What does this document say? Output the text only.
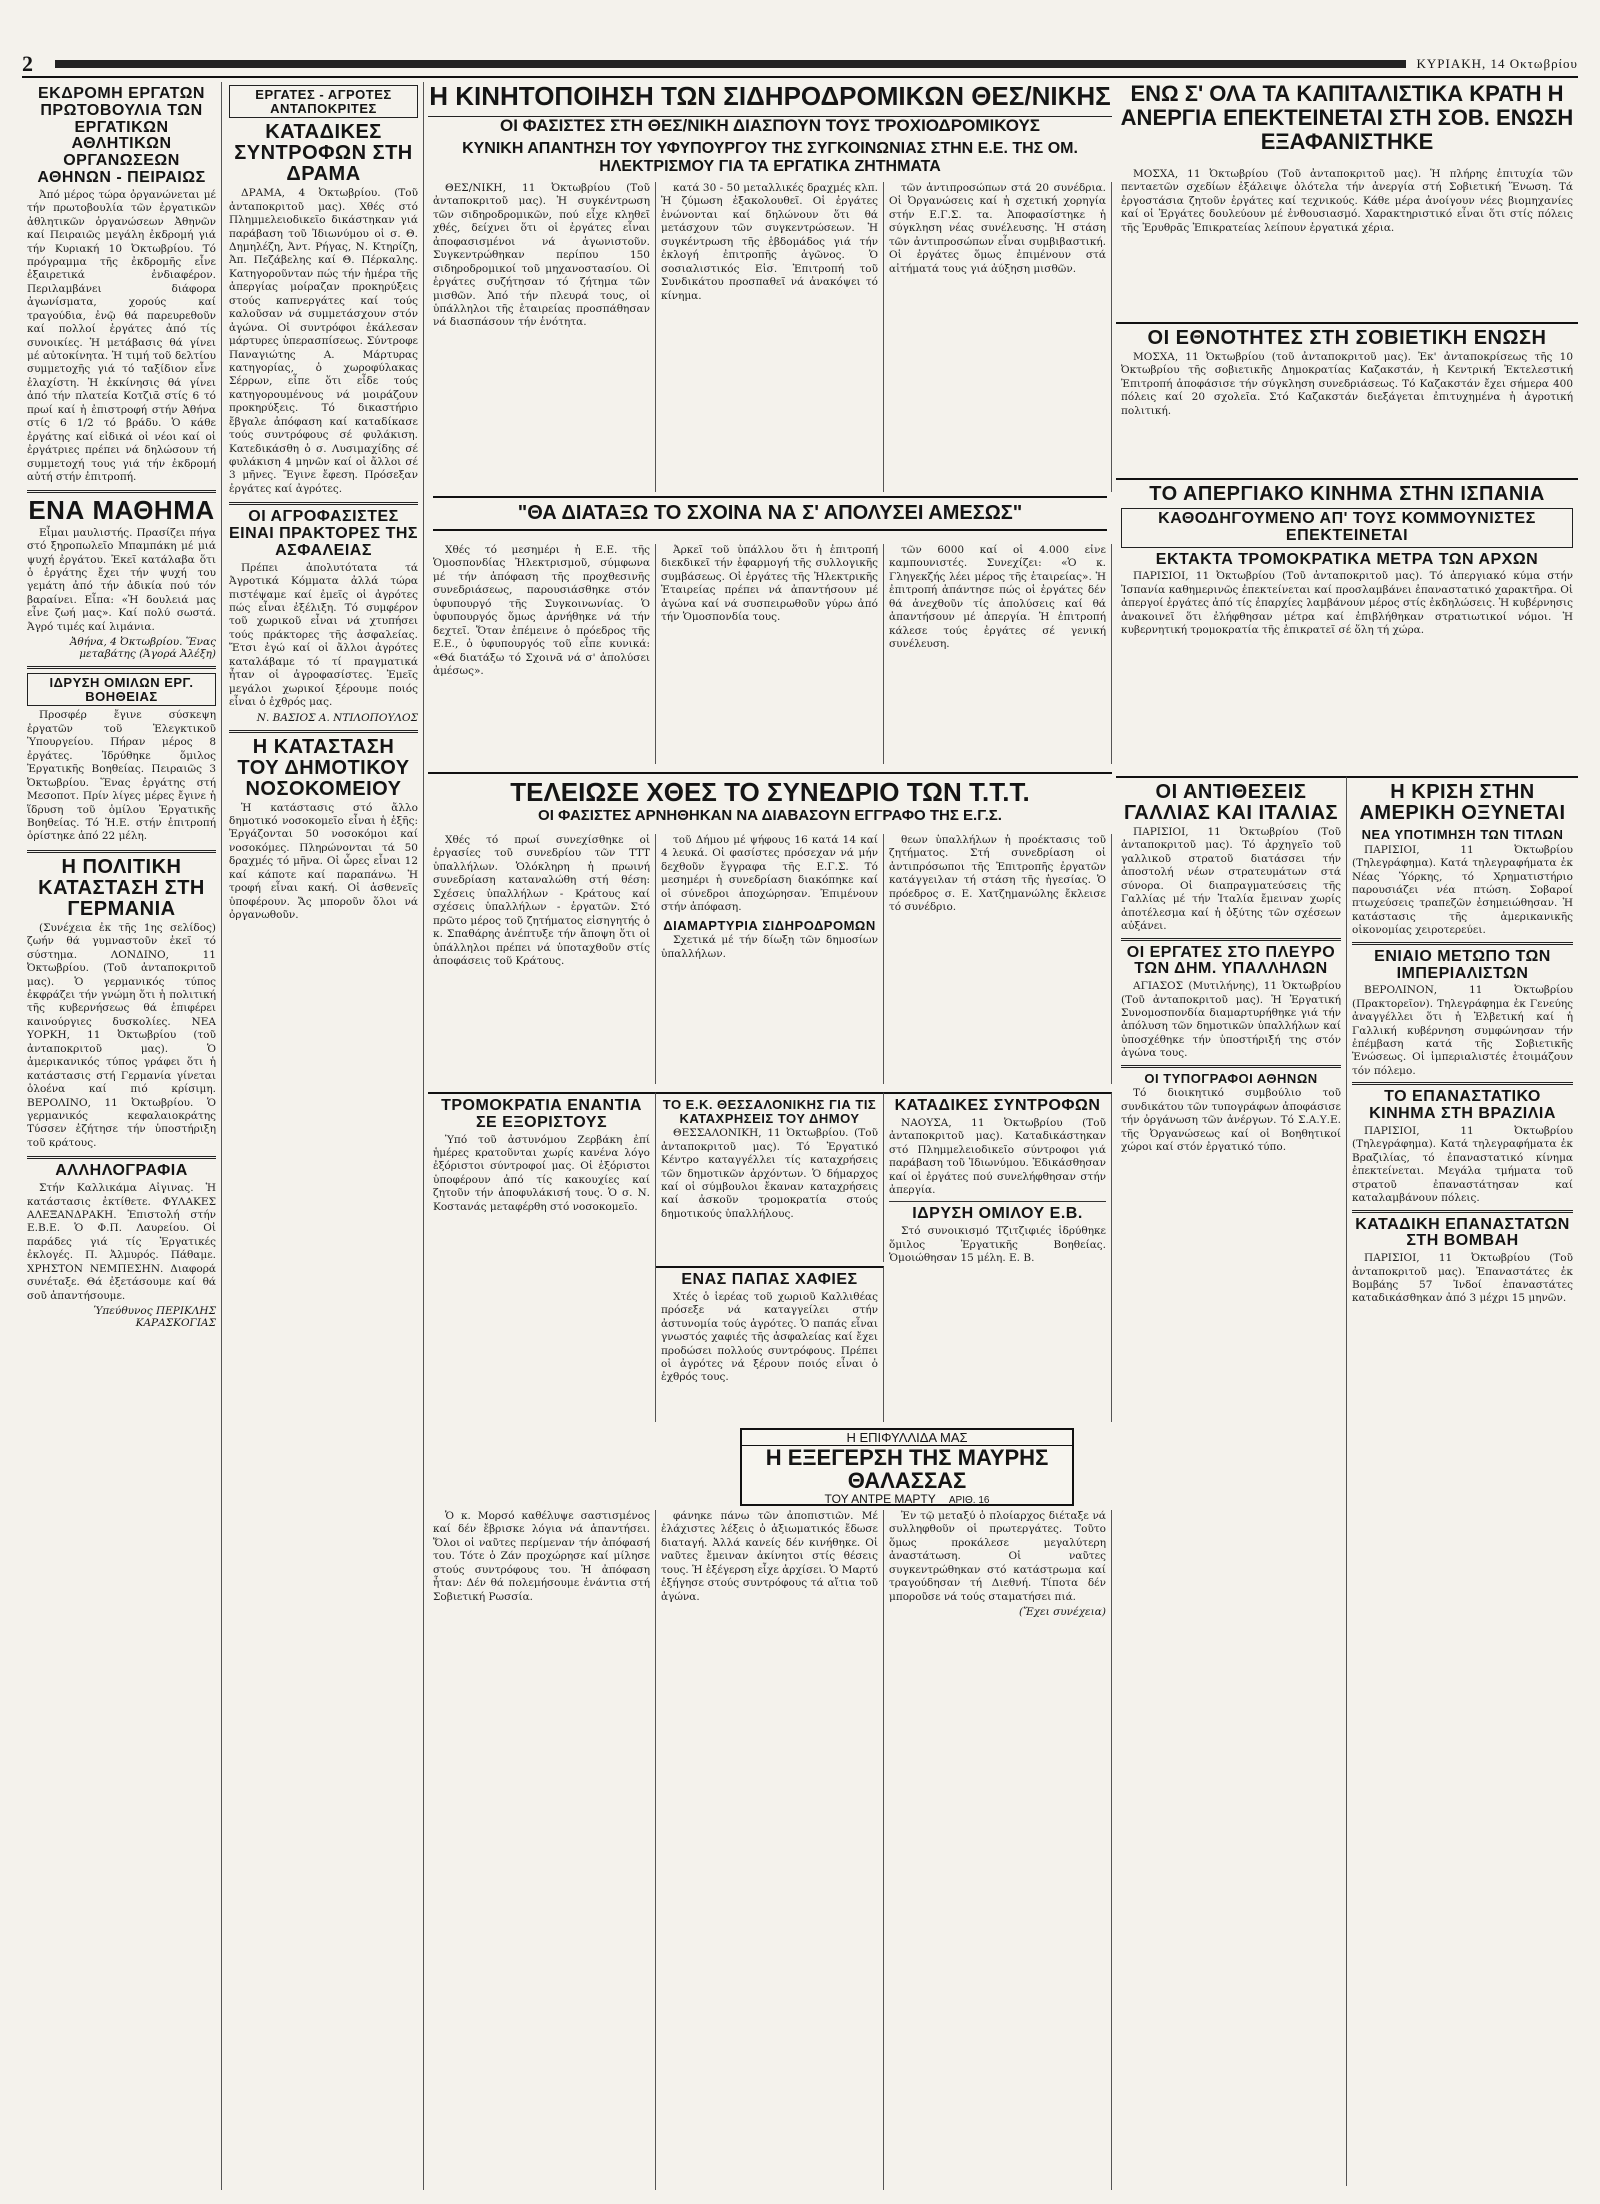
2	ΚΥΡΙΑΚΗ, 14 Οκτωβρίου
ΕΚΔΡΟΜΗ ΕΡΓΑΤΩΝ ΠΡΩΤΟΒΟΥΛΙΑ ΤΩΝ ΕΡΓΑΤΙΚΩΝ ΑΘΛΗΤΙΚΩΝ ΟΡΓΑΝΩΣΕΩΝ ΑΘΗΝΩΝ - ΠΕΙΡΑΙΩΣ

Ἀπό μέρος τώρα ὀργανώνεται μέ τήν πρωτοβουλία τῶν ἐργατικῶν ἀθλητικῶν ὀργανώσεων Ἀθηνῶν καί Πειραιῶς μεγάλη ἐκδρομή γιά τήν Κυριακή 10 Ὀκτωβρίου. Τό πρόγραμμα τῆς ἐκδρομῆς εἶνε ἐξαιρετικά ἐνδιαφέρον. Περιλαμβάνει διάφορα ἀγωνίσματα, χορούς καί τραγούδια, ἐνῷ θά παρευρεθοῦν καί πολλοί ἐργάτες ἀπό τίς συνοικίες. Ἡ μετάβασις θά γίνει μέ αὐτοκίνητα. Ἡ τιμή τοῦ δελτίου συμμετοχῆς γιά τό ταξίδιον εἶνε ἐλαχίστη. Ἡ ἐκκίνησις θά γίνει ἀπό τήν πλατεία Κοτζιᾶ στίς 6 τό πρωί καί ἡ ἐπιστροφή στήν Ἀθήνα στίς 6 1/2 τό βράδυ. Ὁ κάθε ἐργάτης καί εἰδικά οἱ νέοι καί οἱ ἐργάτριες πρέπει νά δηλώσουν τή συμμετοχή τους γιά τήν ἐκδρομή αὐτή στήν ἐπιτροπή.

ΕΝΑ ΜΑΘΗΜΑ

Εἶμαι μαυλιστής. Πρασίζει πήγα στό ξηροπωλεῖο Μπαμπάκη μέ μιά ψυχή ἐργάτου. Ἐκεῖ κατάλαβα ὅτι ὁ ἐργάτης ἔχει τήν ψυχή του γεμάτη ἀπό τήν ἀδικία πού τόν βαραίνει. Εἶπα: «Ἡ δουλειά μας εἶνε ζωή μας». Καί πολύ σωστά. Ἀγρό τιμές καί λιμάνια.

Ἀθήνα, 4 Ὀκτωβρίου. Ἕνας μεταβάτης (Ἀγορά Ἀλέξη)
ΙΔΡΥΣΗ ΟΜΙΛΩΝ ΕΡΓ. ΒΟΗΘΕΙΑΣ

Προσφέρ ἔγινε σύσκεψη ἐργατῶν τοῦ Ἑλεγκτικοῦ Ὑπουργείου. Πήραν μέρος 8 ἐργάτες. Ἱδρύθηκε ὅμιλος Ἐργατικῆς Βοηθείας. Πειραιῶς 3 Ὀκτωβρίου. Ἕνας ἐργάτης στή Μεσοποτ. Πρίν λίγες μέρες ἔγινε ἡ ἵδρυση τοῦ ὁμίλου Ἐργατικῆς Βοηθείας. Τό Ἡ.Ε. στήν ἐπιτροπή ὁρίστηκε ἀπό 22 μέλη.

Η ΠΟΛΙΤΙΚΗ ΚΑΤΑΣΤΑΣΗ ΣΤΗ ΓΕΡΜΑΝΙΑ

(Συνέχεια ἐκ τῆς 1ης σελίδος) ζωήν θά γυμναστοῦν ἐκεῖ τό σύστημα. ΛΟΝΔΙΝΟ, 11 Ὀκτωβρίου. (Τοῦ ἀνταποκριτοῦ μας). Ὁ γερμανικός τύπος ἐκφράζει τήν γνώμη ὅτι ἡ πολιτική τῆς κυβερνήσεως θά ἐπιφέρει καινούργιες δυσκολίες. ΝΕΑ ΥΟΡΚΗ, 11 Ὀκτωβρίου (τοῦ ἀνταποκριτοῦ μας). Ὁ ἀμερικανικός τύπος γράφει ὅτι ἡ κατάστασις στή Γερμανία γίνεται ὁλοένα καί πιό κρίσιμη. ΒΕΡΟΛΙΝΟ, 11 Ὀκτωβρίου. Ὁ γερμανικός κεφαλαιοκράτης Τύσσεν ἐζήτησε τήν ὑποστήριξη τοῦ κράτους.

ΑΛΛΗΛΟΓΡΑΦΙΑ

Στήν Καλλικάμα Αἰγινας. Ἡ κατάστασις ἐκτίθετε. ΦΥΛΑΚΕΣ ΑΛΕΞΑΝΔΡΑΚΗ. Ἐπιστολή στήν Ε.Β.Ε. Ὁ Φ.Π. Λαυρείου. Οἱ παράδες γιά τίς Ἐργατικές ἐκλογές. Π. Ἀλμυρός. Πάθαμε. ΧΡΗΣΤΟΝ ΝΕΜΠΕΣΗΝ. Διαφορά συνέταξε. Θά ἐξετάσουμε καί θά σοῦ ἀπαντήσουμε.

Ὑπεύθυνος ΠΕΡΙΚΛΗΣ ΚΑΡΑΣΚΟΓΙΑΣ
ΕΡΓΑΤΕΣ - ΑΓΡΟΤΕΣ ΑΝΤΑΠΟΚΡΙΤΕΣ
ΚΑΤΑΔΙΚΕΣ ΣΥΝΤΡΟΦΩΝ ΣΤΗ ΔΡΑΜΑ

ΔΡΑΜΑ, 4 Ὀκτωβρίου. (Τοῦ ἀνταποκριτοῦ μας). Χθές στό Πλημμελειοδικεῖο δικάστηκαν γιά παράβαση τοῦ Ἰδιωνύμου οἱ σ. Θ. Δημηλέζη, Ἀντ. Ρήγας, Ν. Κτηρίζη, Ἀπ. Πεζάβελης καί Θ. Πέρκαλης. Κατηγοροῦνταν πώς τήν ἡμέρα τῆς ἀπεργίας μοίραζαν προκηρύξεις στούς καπνεργάτες καί τούς καλοῦσαν νά συμμετάσχουν στόν ἀγώνα. Οἱ συντρόφοι ἐκάλεσαν μάρτυρες ὑπερασπίσεως. Σύντροφε Παναγιώτης Α. Μάρτυρας κατηγορίας, ὁ χωροφύλακας Σέρρων, εἶπε ὅτι εἶδε τούς κατηγορουμένους νά μοιράζουν προκηρύξεις. Τό δικαστήριο ἔβγαλε ἀπόφαση καί καταδίκασε τούς συντρόφους σέ φυλάκιση. Κατεδικάσθη ὁ σ. Λυσιμαχίδης σέ φυλάκιση 4 μηνῶν καί οἱ ἄλλοι σέ 3 μῆνες. Ἔγινε ἔφεση. Πρόσεξαν ἐργάτες καί ἀγρότες.

ΟΙ ΑΓΡΟΦΑΣΙΣΤΕΣ ΕΙΝΑΙ ΠΡΑΚΤΟΡΕΣ ΤΗΣ ΑΣΦΑΛΕΙΑΣ

Πρέπει ἀπολυτότατα τά Ἀγροτικά Κόμματα ἀλλά τώρα πιστέψαμε καί ἐμεῖς οἱ ἀγρότες πώς εἶναι ἐξέλιξη. Τό συμφέρον τοῦ χωρικοῦ εἶναι νά χτυπήσει τούς πράκτορες τῆς ἀσφαλείας. Ἔτσι ἐγώ καί οἱ ἄλλοι ἀγρότες καταλάβαμε τό τί πραγματικά ἦταν οἱ ἀγροφασίστες. Ἐμεῖς μεγάλοι χωρικοί ξέρουμε ποιός εἶναι ὁ ἐχθρός μας.

Ν. ΒΑΣΙΟΣ Α. ΝΤΙΛΟΠΟΥΛΟΣ
Η ΚΑΤΑΣΤΑΣΗ ΤΟΥ ΔΗΜΟΤΙΚΟΥ ΝΟΣΟΚΟΜΕΙΟΥ

Ἡ κατάστασις στό ἄλλο δημοτικό νοσοκομεῖο εἶναι ἡ ἑξῆς: Ἐργάζονται 50 νοσοκόμοι καί νοσοκόμες. Πληρώνονται τά 50 δραχμές τό μῆνα. Οἱ ὧρες εἶναι 12 καί κάποτε καί παραπάνω. Ἡ τροφή εἶναι κακή. Οἱ ἀσθενεῖς ὑποφέρουν. Ἄς μποροῦν ὅλοι νά ὀργανωθοῦν.

Η ΚΙΝΗΤΟΠΟΙΗΣΗ ΤΩΝ ΣΙΔΗΡΟΔΡΟΜΙΚΩΝ ΘΕΣ/ΝΙΚΗΣ
ΟΙ ΦΑΣΙΣΤΕΣ ΣΤΗ ΘΕΣ/ΝΙΚΗ ΔΙΑΣΠΟΥΝ ΤΟΥΣ ΤΡΟΧΙΟΔΡΟΜΙΚΟΥΣ
ΚΥΝΙΚΗ ΑΠΑΝΤΗΣΗ ΤΟΥ ΥΦΥΠΟΥΡΓΟΥ ΤΗΣ ΣΥΓΚΟΙΝΩΝΙΑΣ ΣΤΗΝ Ε.Ε. ΤΗΣ ΟΜ. ΗΛΕΚΤΡΙΣΜΟΥ ΓΙΑ ΤΑ ΕΡΓΑΤΙΚΑ ΖΗΤΗΜΑΤΑ

ΘΕΣ/ΝΙΚΗ, 11 Ὀκτωβρίου (Τοῦ ἀνταποκριτοῦ μας). Ἡ συγκέντρωση τῶν σιδηροδρομικῶν, πού εἶχε κληθεῖ χθές, δείχνει ὅτι οἱ ἐργάτες εἶναι ἀποφασισμένοι νά ἀγωνιστοῦν. Συγκεντρώθηκαν περίπου 150 σιδηροδρομικοί τοῦ μηχανοστασίου. Οἱ ἐργάτες συζήτησαν τό ζήτημα τῶν μισθῶν. Ἀπό τήν πλευρά τους, οἱ ὑπάλληλοι τῆς ἑταιρείας προσπάθησαν νά διασπάσουν τήν ἑνότητα.

κατά 30 - 50 μεταλλικές δραχμές κλπ. Ἡ ζύμωση ἐξακολουθεῖ. Οἱ ἐργάτες ἐνώνονται καί δηλώνουν ὅτι θά μετάσχουν τῶν συγκεντρώσεων. Ἡ συγκέντρωση τῆς ἑβδομάδος γιά τήν ἐκλογή ἐπιτροπῆς ἀγῶνος. Ὁ σοσιαλιστικός Εἰσ. Ἐπιτροπή τοῦ Συνδικάτου προσπαθεῖ νά ἀνακόψει τό κίνημα.

τῶν ἀντιπροσώπων στά 20 συνέδρια. Οἱ Ὀργανώσεις καί ἡ σχετική χορηγία στήν Ε.Γ.Σ. τα. Ἀποφασίστηκε ἡ σύγκληση νέας συνέλευσης. Ἡ στάση τῶν ἀντιπροσώπων εἶναι συμβιβαστική. Οἱ ἐργάτες ὅμως ἐπιμένουν στά αἰτήματά τους γιά ἀύξηση μισθῶν.

"ΘΑ ΔΙΑΤΑΞΩ ΤΟ ΣΧΟΙΝΑ ΝΑ Σ' ΑΠΟΛΥΣΕΙ ΑΜΕΣΩΣ"

Χθές τό μεσημέρι ἡ Ε.Ε. τῆς Ὁμοσπονδίας Ἠλεκτρισμοῦ, σύμφωνα μέ τήν ἀπόφαση τῆς προχθεσινῆς συνεδριάσεως, παρουσιάσθηκε στόν ὑφυπουργό τῆς Συγκοινωνίας. Ὁ ὑφυπουργός ὅμως ἀρνήθηκε νά τήν δεχτεῖ. Ὅταν ἐπέμεινε ὁ πρόεδρος τῆς Ε.Ε., ὁ ὑφυπουργός τοῦ εἶπε κυνικά: «Θά διατάξω τό Σχοινᾶ νά σ' ἀπολύσει ἀμέσως».

Ἀρκεῖ τοῦ ὑπάλλου ὅτι ἡ ἐπιτροπή διεκδικεῖ τήν ἐφαρμογή τῆς συλλογικῆς συμβάσεως. Οἱ ἐργάτες τῆς Ἠλεκτρικῆς Ἑταιρείας πρέπει νά ἀπαντήσουν μέ ἀγώνα καί νά συσπειρωθοῦν γύρω ἀπό τήν Ὁμοσπονδία τους.

τῶν 6000 καί οἱ 4.000 εἶνε καμπουνιστές. Συνεχίζει: «Ὁ κ. Γληγεκζής λέει μέρος τῆς ἑταιρείας». Ἡ ἐπιτροπή ἀπάντησε πώς οἱ ἐργάτες δέν θά ἀνεχθοῦν τίς ἀπολύσεις καί θά ἀπαντήσουν μέ ἀπεργία. Ἡ ἐπιτροπή κάλεσε τούς ἐργάτες σέ γενική συνέλευση.

ΤΕΛΕΙΩΣΕ ΧΘΕΣ ΤΟ ΣΥΝΕΔΡΙΟ ΤΩΝ Τ.Τ.Τ.
ΟΙ ΦΑΣΙΣΤΕΣ ΑΡΝΗΘΗΚΑΝ ΝΑ ΔΙΑΒΑΣΟΥΝ ΕΓΓΡΑΦΟ ΤΗΣ Ε.Γ.Σ.

Χθές τό πρωί συνεχίσθηκε οἱ ἐργασίες τοῦ συνεδρίου τῶν ΤΤΤ ὑπαλλήλων. Ὁλόκληρη ἡ πρωινή συνεδρίαση καταναλώθη στή θέση: Σχέσεις ὑπαλλήλων - Κράτους καί σχέσεις ὑπαλλήλων - ἐργατῶν. Στό πρῶτο μέρος τοῦ ζητήματος εἰσηγητής ὁ κ. Σπαθάρης ἀνέπτυξε τήν ἄποψη ὅτι οἱ ὑπάλληλοι πρέπει νά ὑποταχθοῦν στίς ἀποφάσεις τοῦ Κράτους.

τοῦ Δήμου μέ ψήφους 16 κατά 14 καί 4 λευκά. Οἱ φασίστες πρόσεχαν νά μήν δεχθοῦν ἔγγραφα τῆς Ε.Γ.Σ. Τό μεσημέρι ἡ συνεδρίαση διακόπηκε καί οἱ σύνεδροι ἀποχώρησαν. Ἐπιμένουν στήν ἀπόφαση.

ΔΙΑΜΑΡΤΥΡΙΑ ΣΙΔΗΡΟΔΡΟΜΩΝ

Σχετικά μέ τήν δίωξη τῶν δημοσίων ὑπαλλήλων.

θεων ὑπαλλήλων ἡ προέκτασις τοῦ ζητήματος. Στή συνεδρίαση οἱ ἀντιπρόσωποι τῆς Ἐπιτροπῆς ἐργατῶν κατάγγειλαν τή στάση τῆς ἡγεσίας. Ὁ πρόεδρος σ. Ε. Χατζημανώλης ἔκλεισε τό συνέδριο.

ΤΡΟΜΟΚΡΑΤΙΑ ΕΝΑΝΤΙΑ ΣΕ ΕΞΟΡΙΣΤΟΥΣ

Ὑπό τοῦ ἀστυνόμου Ζερβάκη ἐπί ἡμέρες κρατοῦνται χωρίς κανένα λόγο ἐξόριστοι σύντροφοί μας. Οἱ ἐξόριστοι ὑποφέρουν ἀπό τίς κακουχίες καί ζητοῦν τήν ἀποφυλάκισή τους. Ὁ σ. Ν. Κοστανάς μεταφέρθη στό νοσοκομεῖο.

ΤΟ Ε.Κ. ΘΕΣΣΑΛΟΝΙΚΗΣ ΓΙΑ ΤΙΣ ΚΑΤΑΧΡΗΣΕΙΣ ΤΟΥ ΔΗΜΟΥ

ΘΕΣΣΑΛΟΝΙΚΗ, 11 Ὀκτωβρίου. (Τοῦ ἀνταποκριτοῦ μας). Τό Ἐργατικό Κέντρο καταγγέλλει τίς καταχρήσεις τῶν δημοτικῶν ἀρχόντων. Ὁ δήμαρχος καί οἱ σύμβουλοι ἔκαναν καταχρήσεις καί ἀσκοῦν τρομοκρατία στούς δημοτικούς ὑπαλλήλους.

ΕΝΑΣ ΠΑΠΑΣ ΧΑΦΙΕΣ

Χτές ὁ ἱερέας τοῦ χωριοῦ Καλλιθέας πρόσεξε νά καταγγείλει στήν ἀστυνομία τούς ἀγρότες. Ὁ παπάς εἶναι γνωστός χαφιές τῆς ἀσφαλείας καί ἔχει προδώσει πολλούς συντρόφους. Πρέπει οἱ ἀγρότες νά ξέρουν ποιός εἶναι ὁ ἐχθρός τους.

ΚΑΤΑΔΙΚΕΣ ΣΥΝΤΡΟΦΩΝ

ΝΑΟΥΣΑ, 11 Ὀκτωβρίου (Τοῦ ἀνταποκριτοῦ μας). Καταδικάστηκαν στό Πλημμελειοδικεῖο σύντροφοι γιά παράβαση τοῦ Ἰδιωνύμου. Ἐδικάσθησαν καί οἱ ἐργάτες πού συνελήφθησαν στήν ἀπεργία.

ΙΔΡΥΣΗ ΟΜΙΛΟΥ Ε.Β.

Στό συνοικισμό Τζιτζιφιές ἱδρύθηκε ὅμιλος Ἐργατικῆς Βοηθείας. Ὁμοιώθησαν 15 μέλη. Ε. Β.

Η ΕΠΙΦΥΛΛΙΔΑ ΜΑΣ
Η ΕΞΕΓΕΡΣΗ ΤΗΣ ΜΑΥΡΗΣ ΘΑΛΑΣΣΑΣ
ΤΟΥ ΑΝΤΡΕ ΜΑΡΤΥ ΑΡΙΘ. 16

Ὁ κ. Μορσό καθέλυψε σαστισμένος καί δέν ἔβρισκε λόγια νά ἀπαντήσει. Ὅλοι οἱ ναῦτες περίμεναν τήν ἀπόφασή του. Τότε ὁ Ζάν προχώρησε καί μίλησε στούς συντρόφους του. Ἡ ἀπόφαση ἦταν: Δέν θά πολεμήσουμε ἐνάντια στή Σοβιετική Ρωσσία.

φάνηκε πάνω τῶν ἀποπιστιῶν. Μέ ἐλάχιστες λέξεις ὁ ἀξιωματικός ἔδωσε διαταγή. Ἀλλά κανείς δέν κινήθηκε. Οἱ ναῦτες ἔμειναν ἀκίνητοι στίς θέσεις τους. Ἡ ἐξέγερση εἶχε ἀρχίσει. Ὁ Μαρτύ ἐξήγησε στούς συντρόφους τά αἴτια τοῦ ἀγώνα.

Ἐν τῷ μεταξύ ὁ πλοίαρχος διέταξε νά συλληφθοῦν οἱ πρωτεργάτες. Τοῦτο ὅμως προκάλεσε μεγαλύτερη ἀναστάτωση. Οἱ ναῦτες συγκεντρώθηκαν στό κατάστρωμα καί τραγούδησαν τή Διεθνή. Τίποτα δέν μποροῦσε νά τούς σταματήσει πιά.

(Ἔχει συνέχεια)
ΕΝΩ Σ' ΟΛΑ ΤΑ ΚΑΠΙΤΑΛΙΣΤΙΚΑ ΚΡΑΤΗ Η ΑΝΕΡΓΙΑ ΕΠΕΚΤΕΙΝΕΤΑΙ ΣΤΗ ΣΟΒ. ΕΝΩΣΗ ΕΞΑΦΑΝΙΣΤΗΚΕ

ΜΟΣΧΑ, 11 Ὀκτωβρίου (Τοῦ ἀνταποκριτοῦ μας). Ἡ πλήρης ἐπιτυχία τῶν πενταετῶν σχεδίων ἐξάλειψε ὁλότελα τήν ἀνεργία στή Σοβιετική Ἕνωση. Τά ἐργοστάσια ζητοῦν ἐργάτες καί τεχνικούς. Κάθε μέρα ἀνοίγουν νέες βιομηχανίες καί οἱ Ἐργάτες δουλεύουν μέ ἐνθουσιασμό. Χαρακτηριστικό εἶναι ὅτι στίς πόλεις τῆς Ἐρυθρᾶς Ἐπικρατείας λείπουν ἐργατικά χέρια.

ΟΙ ΕΘΝΟΤΗΤΕΣ ΣΤΗ ΣΟΒΙΕΤΙΚΗ ΕΝΩΣΗ

ΜΟΣΧΑ, 11 Ὀκτωβρίου (τοῦ ἀνταποκριτοῦ μας). Ἐκ' ἀνταποκρίσεως τῆς 10 Ὀκτωβρίου τῆς σοβιετικῆς Δημοκρατίας Καζακστάν, ἡ Κεντρική Ἐκτελεστική Ἐπιτροπή ἀποφάσισε τήν σύγκληση συνεδριάσεως. Τό Καζακστάν ἔχει σήμερα 400 πόλεις καί 20 σχολεῖα. Στό Καζακστάν διεξάγεται ἐπιτυχημένα ἡ ἀγροτική πολιτική.

ΤΟ ΑΠΕΡΓΙΑΚΟ ΚΙΝΗΜΑ ΣΤΗΝ ΙΣΠΑΝΙΑ
ΚΑΘΟΔΗΓΟΥΜΕΝΟ ΑΠ' ΤΟΥΣ ΚΟΜΜΟΥΝΙΣΤΕΣ ΕΠΕΚΤΕΙΝΕΤΑΙ
ΕΚΤΑΚΤΑ ΤΡΟΜΟΚΡΑΤΙΚΑ ΜΕΤΡΑ ΤΩΝ ΑΡΧΩΝ

ΠΑΡΙΣΙΟΙ, 11 Ὀκτωβρίου (Τοῦ ἀνταποκριτοῦ μας). Τό ἀπεργιακό κύμα στήν Ἰσπανία καθημερινῶς ἐπεκτείνεται καί προσλαμβάνει ἐπαναστατικό χαρακτῆρα. Οἱ ἀπεργοί ἐργάτες ἀπό τίς ἐπαρχίες λαμβάνουν μέρος στίς ἐκδηλώσεις. Ἡ κυβέρνησις ἀνακοινεῖ ὅτι ἐλήφθησαν μέτρα καί ἐπιβλήθηκαν στρατιωτικοί νόμοι. Ἡ κυβερνητική τρομοκρατία τῆς ἐπικρατεῖ σέ ὅλη τή χώρα.

ΟΙ ΑΝΤΙΘΕΣΕΙΣ ΓΑΛΛΙΑΣ ΚΑΙ ΙΤΑΛΙΑΣ

ΠΑΡΙΣΙΟΙ, 11 Ὀκτωβρίου (Τοῦ ἀνταποκριτοῦ μας). Τό ἀρχηγεῖο τοῦ γαλλικοῦ στρατοῦ διατάσσει τήν ἀποστολή νέων στρατευμάτων στά σύνορα. Οἱ διαπραγματεύσεις τῆς Γαλλίας μέ τήν Ἰταλία ἔμειναν χωρίς ἀποτέλεσμα καί ἡ ὀξύτης τῶν σχέσεων αὐξάνει.

ΟΙ ΕΡΓΑΤΕΣ ΣΤΟ ΠΛΕΥΡΟ ΤΩΝ ΔΗΜ. ΥΠΑΛΛΗΛΩΝ

ΑΓΙΑΣΟΣ (Μυτιλήνης), 11 Ὀκτωβρίου (Τοῦ ἀνταποκριτοῦ μας). Ἡ Ἐργατική Συνομοσπονδία διαμαρτυρήθηκε γιά τήν ἀπόλυση τῶν δημοτικῶν ὑπαλλήλων καί ὑποσχέθηκε τήν ὑποστήριξή της στόν ἀγώνα τους.

ΟΙ ΤΥΠΟΓΡΑΦΟΙ ΑΘΗΝΩΝ

Τό διοικητικό συμβούλιο τοῦ συνδικάτου τῶν τυπογράφων ἀποφάσισε τήν ὀργάνωση τῶν ἀνέργων. Τό Σ.Α.Υ.Ε. τῆς Ὀργανώσεως καί οἱ Βοηθητικοί χώροι καί στόν ἐργατικό τύπο.

Η ΚΡΙΣΗ ΣΤΗΝ ΑΜΕΡΙΚΗ ΟΞΥΝΕΤΑΙ
ΝΕΑ ΥΠΟΤΙΜΗΣΗ ΤΩΝ ΤΙΤΛΩΝ

ΠΑΡΙΣΙΟΙ, 11 Ὀκτωβρίου (Τηλεγράφημα). Κατά τηλεγραφήματα ἐκ Νέας Ὑόρκης, τό Χρηματιστήριο παρουσιάζει νέα πτώση. Σοβαροί πτωχεύσεις τραπεζῶν ἐσημειώθησαν. Ἡ κατάστασις τῆς ἀμερικανικῆς οἰκονομίας χειροτερεύει.

ΕΝΙΑΙΟ ΜΕΤΩΠΟ ΤΩΝ ΙΜΠΕΡΙΑΛΙΣΤΩΝ

ΒΕΡΟΛΙΝΟΝ, 11 Ὀκτωβρίου (Πρακτορεῖον). Τηλεγράφημα ἐκ Γενεύης ἀναγγέλλει ὅτι ἡ Ἑλβετική καί ἡ Γαλλική κυβέρνηση συμφώνησαν τήν ἐπέμβαση κατά τῆς Σοβιετικῆς Ἑνώσεως. Οἱ ἰμπεριαλιστές ἑτοιμάζουν τόν πόλεμο.

ΤΟ ΕΠΑΝΑΣΤΑΤΙΚΟ ΚΙΝΗΜΑ ΣΤΗ ΒΡΑΖΙΛΙΑ

ΠΑΡΙΣΙΟΙ, 11 Ὀκτωβρίου (Τηλεγράφημα). Κατά τηλεγραφήματα ἐκ Βραζιλίας, τό ἐπαναστατικό κίνημα ἐπεκτείνεται. Μεγάλα τμήματα τοῦ στρατοῦ ἐπαναστάτησαν καί καταλαμβάνουν πόλεις.

ΚΑΤΑΔΙΚΗ ΕΠΑΝΑΣΤΑΤΩΝ ΣΤΗ ΒΟΜΒΑΗ

ΠΑΡΙΣΙΟΙ, 11 Ὀκτωβρίου (Τοῦ ἀνταποκριτοῦ μας). Ἐπαναστάτες ἐκ Βομβάης 57 Ἰνδοί ἐπαναστάτες καταδικάσθηκαν ἀπό 3 μέχρι 15 μηνῶν.
